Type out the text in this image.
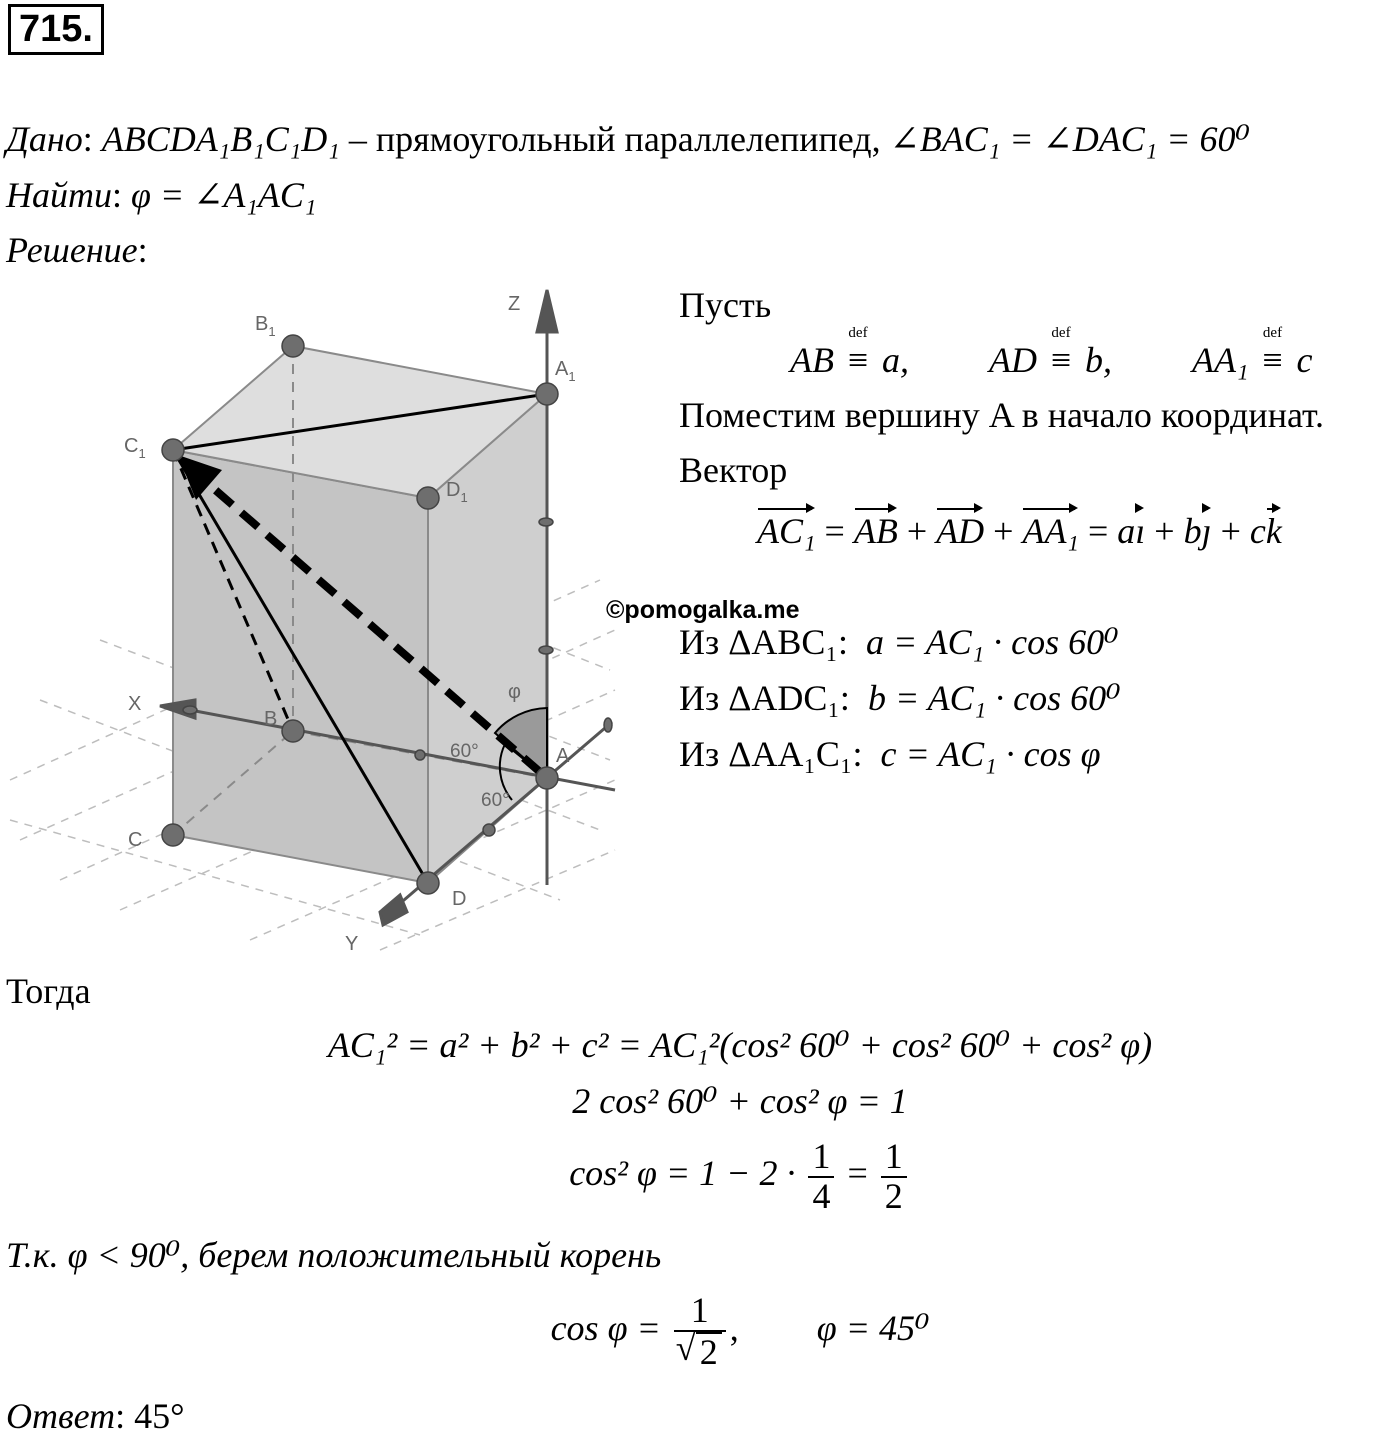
715.
Дано: ABCDA₁B₁C₁D₁ – прямоугольный параллелепипед, ∠BAC₁ = ∠DAC₁ = 60⁰
Найти: φ = ∠A₁AC₁
Решение:
Z
X
Y
$B_1$
$A_1$
$C_1$
$D_1$
B
A
C
D
φ
60°
60°
Пусть
AB
def
≡ a, AD
def
≡ b, AA₁
def
≡ c
Поместим вершину A в начало координат.
Вектор
AC₁ = AB + AD + AA₁ = aı + bȷ + ck
©pomogalka.me
Из ΔABC₁: a = AC₁ · cos 60⁰
Из ΔADC₁: b = AC₁ · cos 60⁰
Из ΔAA₁C₁: c = AC₁ · cos φ
Тогда
AC₁² = a² + b² + c² = AC₁²(cos² 60⁰ + cos² 60⁰ + cos² φ)
2 cos² 60⁰ + cos² φ = 1
cos² $\varphi = 1 - 2 \cdot \frac{1}{4} = \frac{1}{2}$
Т.к. φ < 90⁰, берем положительный корень
cos φ = 1
√ 2 ,  φ = 45⁰
Ответ: 45°
